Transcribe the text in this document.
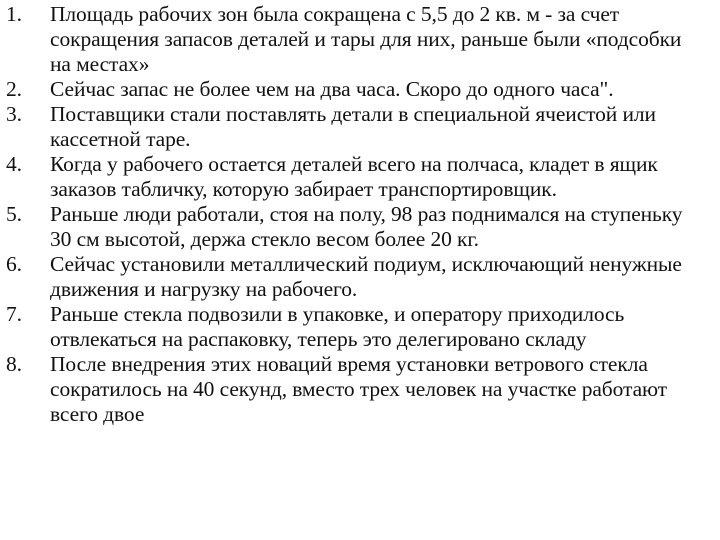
1.	Площадь рабочих зон была сокращена с 5,5 до 2 кв. м - за счет сокращения запасов деталей и тары для них, раньше были «подсобки на местах»
2.	Сейчас запас не более чем на два часа. Скоро до одного часа".
3.	Поставщики стали поставлять детали в специальной ячеистой или кассетной таре.
4.	Когда у рабочего остается деталей всего на полчаса, кладет в ящик заказов табличку, которую забирает транспортировщик.
5.	Раньше люди работали, стоя на полу, 98 раз поднимался на ступеньку 30 см высотой, держа стекло весом более 20 кг.
6.	Сейчас установили металлический подиум, исключающий ненужные движения и нагрузку на рабочего.
7.	Раньше стекла подвозили в упаковке, и оператору приходилось отвлекаться на распаковку, теперь это делегировано складу
8.	После внедрения этих новаций время установки ветрового стекла сократилось на 40 секунд, вместо трех человек на участке работают всего двое
